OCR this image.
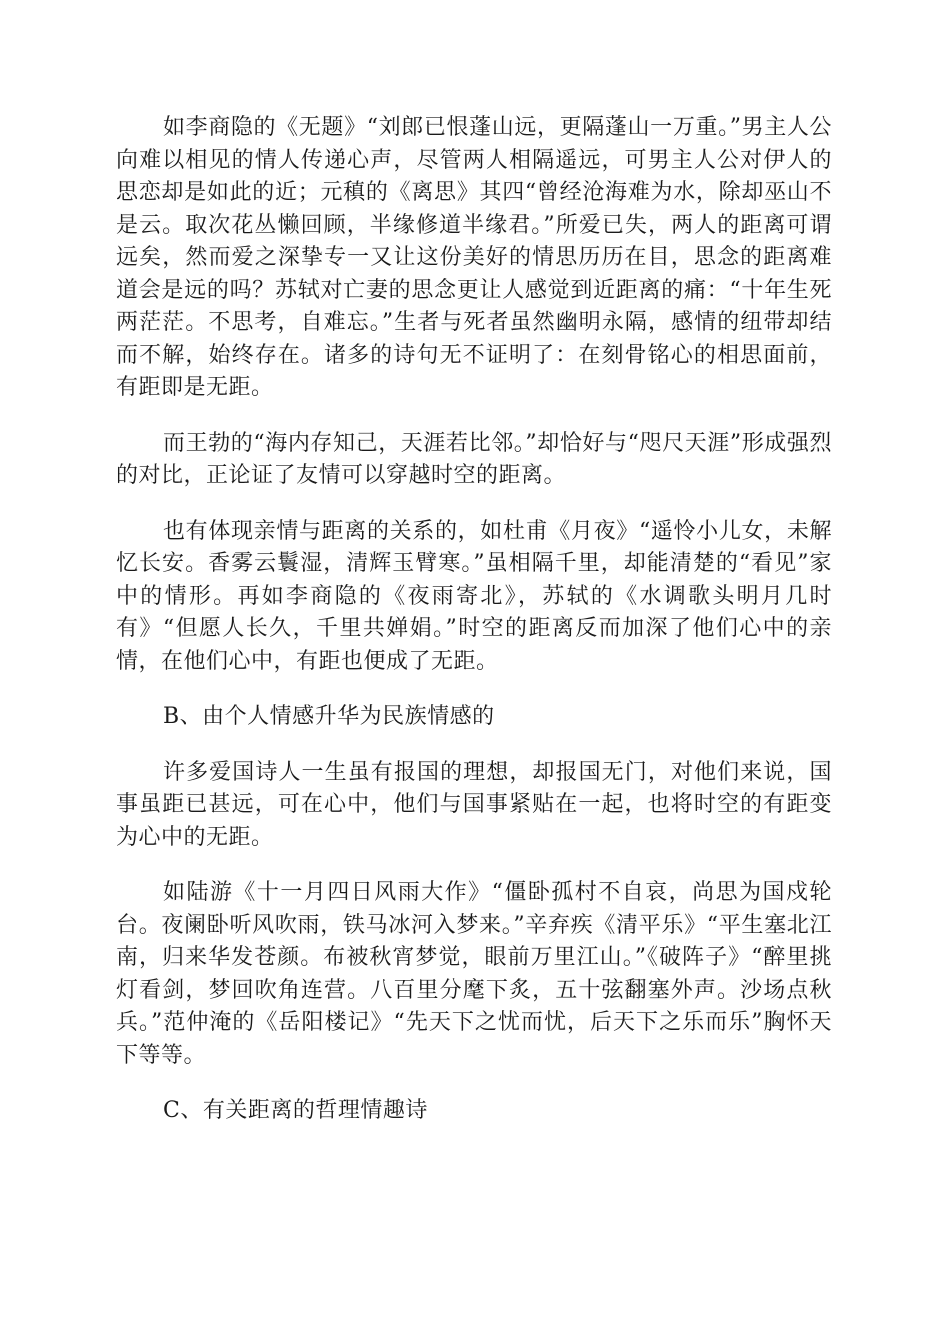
如李商隐的《无题》“刘郎已恨蓬山远，更隔蓬山一万重。”男主人公向难以相见的情人传递心声，尽管两人相隔遥远，可男主人公对伊人的思恋却是如此的近；元稹的《离思》其四“曾经沧海难为水，除却巫山不是云。取次花丛懒回顾，半缘修道半缘君。”所爱已失，两人的距离可谓远矣，然而爱之深挚专一又让这份美好的情思历历在目，思念的距离难道会是远的吗？苏轼对亡妻的思念更让人感觉到近距离的痛：“十年生死两茫茫。不思考，自难忘。”生者与死者虽然幽明永隔，感情的纽带却结而不解，始终存在。诸多的诗句无不证明了：在刻骨铭心的相思面前，有距即是无距。

而王勃的“海内存知己，天涯若比邻。”却恰好与“咫尺天涯”形成强烈的对比，正论证了友情可以穿越时空的距离。

也有体现亲情与距离的关系的，如杜甫《月夜》“遥怜小儿女，未解忆长安。香雾云鬟湿，清辉玉臂寒。”虽相隔千里，却能清楚的“看见”家中的情形。再如李商隐的《夜雨寄北》，苏轼的《水调歌头明月几时有》“但愿人长久，千里共婵娟。”时空的距离反而加深了他们心中的亲情，在他们心中，有距也便成了无距。

B、由个人情感升华为民族情感的

许多爱国诗人一生虽有报国的理想，却报国无门，对他们来说，国事虽距已甚远，可在心中，他们与国事紧贴在一起，也将时空的有距变为心中的无距。

如陆游《十一月四日风雨大作》“僵卧孤村不自哀，尚思为国戍轮台。夜阑卧听风吹雨，铁马冰河入梦来。”辛弃疾《清平乐》“平生塞北江南，归来华发苍颜。布被秋宵梦觉，眼前万里江山。”《破阵子》“醉里挑灯看剑，梦回吹角连营。八百里分麾下炙，五十弦翻塞外声。沙场点秋兵。”范仲淹的《岳阳楼记》“先天下之忧而忧，后天下之乐而乐”胸怀天下等等。

C、有关距离的哲理情趣诗
